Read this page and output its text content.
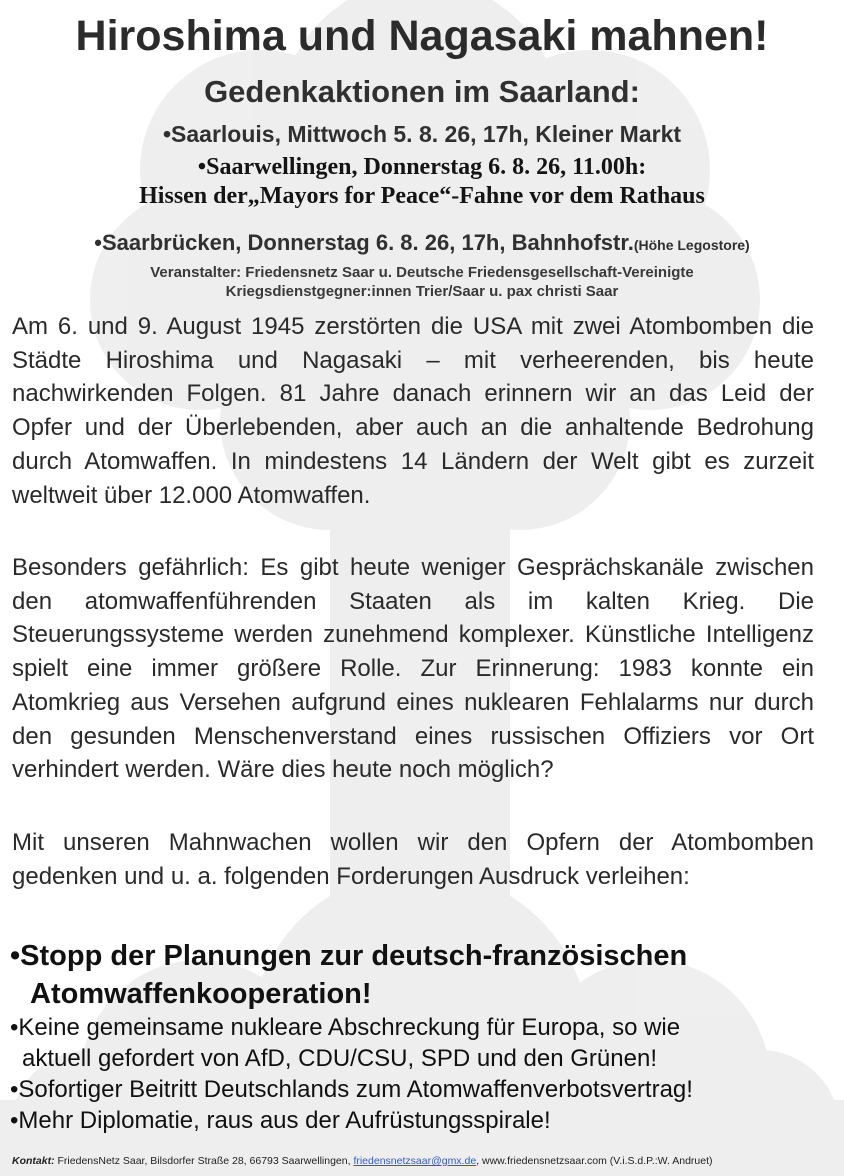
Hiroshima und Nagasaki mahnen!
Gedenkaktionen im Saarland:

•Saarlouis, Mittwoch 5. 8. 26, 17h, Kleiner Markt

•Saarwellingen, Donnerstag 6. 8. 26, 11.00h:
Hissen der„Mayors for Peace“-Fahne vor dem Rathaus

•Saarbrücken, Donnerstag 6. 8. 26, 17h, Bahnhofstr.(Höhe Legostore)

Veranstalter: Friedensnetz Saar u. Deutsche Friedensgesellschaft-Vereinigte
Kriegsdienstgegner:innen Trier/Saar u. pax christi Saar

Am 6. und 9. August 1945 zerstörten die USA mit zwei Atombomben die Städte Hiroshima und Nagasaki – mit verheerenden, bis heute nachwirkenden Folgen. 81 Jahre danach erinnern wir an das Leid der Opfer und der Überlebenden, aber auch an die anhaltende Bedrohung durch Atomwaffen. In mindestens 14 Ländern der Welt gibt es zurzeit weltweit über 12.000 Atomwaffen.

Besonders gefährlich: Es gibt heute weniger Gesprächskanäle zwischen den atomwaffenführenden Staaten als im kalten Krieg. Die Steuerungssysteme werden zunehmend komplexer. Künstliche Intelligenz spielt eine immer größere Rolle. Zur Erinnerung: 1983 konnte ein Atomkrieg aus Versehen aufgrund eines nuklearen Fehlalarms nur durch den gesunden Menschenverstand eines russischen Offiziers vor Ort verhindert werden. Wäre dies heute noch möglich?

Mit unseren Mahnwachen wollen wir den Opfern der Atombomben gedenken und u. a. folgenden Forderungen Ausdruck verleihen:

•Stopp der Planungen zur deutsch-französischen
Atomwaffenkooperation!
•Keine gemeinsame nukleare Abschreckung für Europa, so wie
aktuell gefordert von AfD, CDU/CSU, SPD und den Grünen!
•Sofortiger Beitritt Deutschlands zum Atomwaffenverbotsvertrag!
•Mehr Diplomatie, raus aus der Aufrüstungsspirale!
Kontakt: FriedensNetz Saar, Bilsdorfer Straße 28, 66793 Saarwellingen, friedensnetzsaar@gmx.de, www.friedensnetzsaar.com (V.i.S.d.P.:W. Andruet)
